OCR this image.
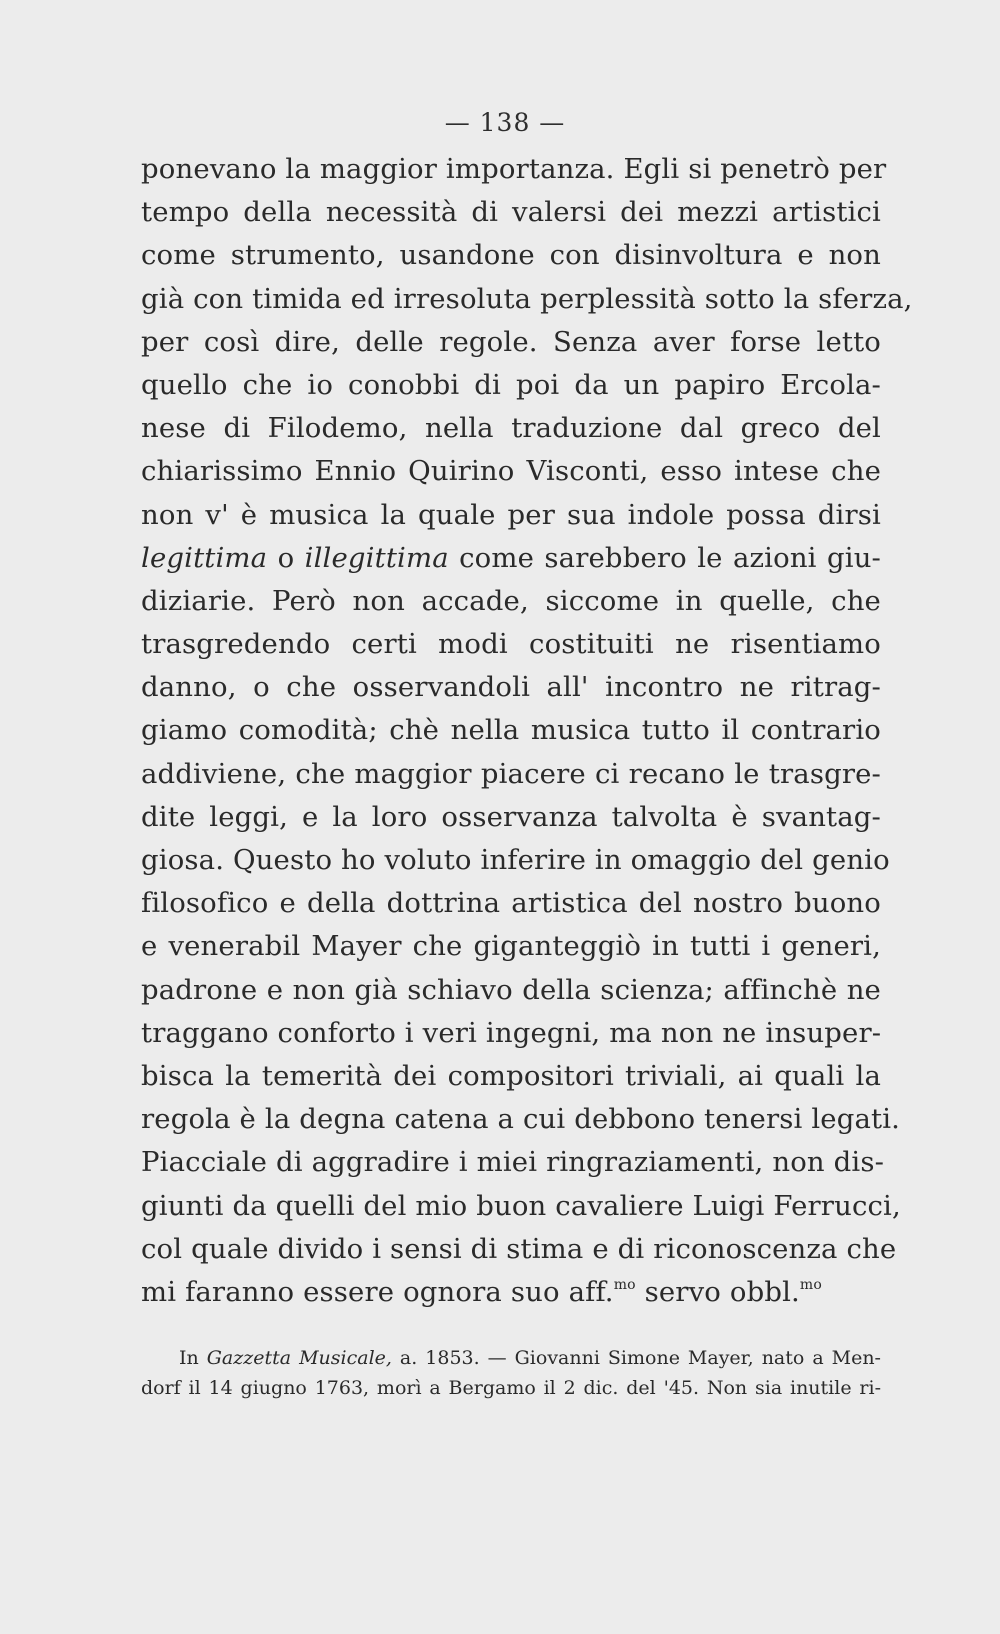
— 138 —
ponevano la maggior importanza. Egli si penetrò per
tempo della necessità di valersi dei mezzi artistici
come strumento, usandone con disinvoltura e non
già con timida ed irresoluta perplessità sotto la sferza,
per così dire, delle regole. Senza aver forse letto
quello che io conobbi di poi da un papiro Ercola-
nese di Filodemo, nella traduzione dal greco del
chiarissimo Ennio Quirino Visconti, esso intese che
non v' è musica la quale per sua indole possa dirsi
legittima o illegittima come sarebbero le azioni giu-
diziarie. Però non accade, siccome in quelle, che
trasgredendo certi modi costituiti ne risentiamo
danno, o che osservandoli all' incontro ne ritrag-
giamo comodità; chè nella musica tutto il contrario
addiviene, che maggior piacere ci recano le trasgre-
dite leggi, e la loro osservanza talvolta è svantag-
giosa. Questo ho voluto inferire in omaggio del genio
filosofico e della dottrina artistica del nostro buono
e venerabil Mayer che giganteggiò in tutti i generi,
padrone e non già schiavo della scienza; affinchè ne
traggano conforto i veri ingegni, ma non ne insuper-
bisca la temerità dei compositori triviali, ai quali la
regola è la degna catena a cui debbono tenersi legati.
Piacciale di aggradire i miei ringraziamenti, non dis-
giunti da quelli del mio buon cavaliere Luigi Ferrucci,
col quale divido i sensi di stima e di riconoscenza che
mi faranno essere ognora suo aff.$^{mo}$ servo obbl.$^{mo}$
In Gazzetta Musicale, a. 1853. — Giovanni Simone Mayer, nato a Men-
dorf il 14 giugno 1763, morì a Bergamo il 2 dic. del '45. Non sia inutile ri-
